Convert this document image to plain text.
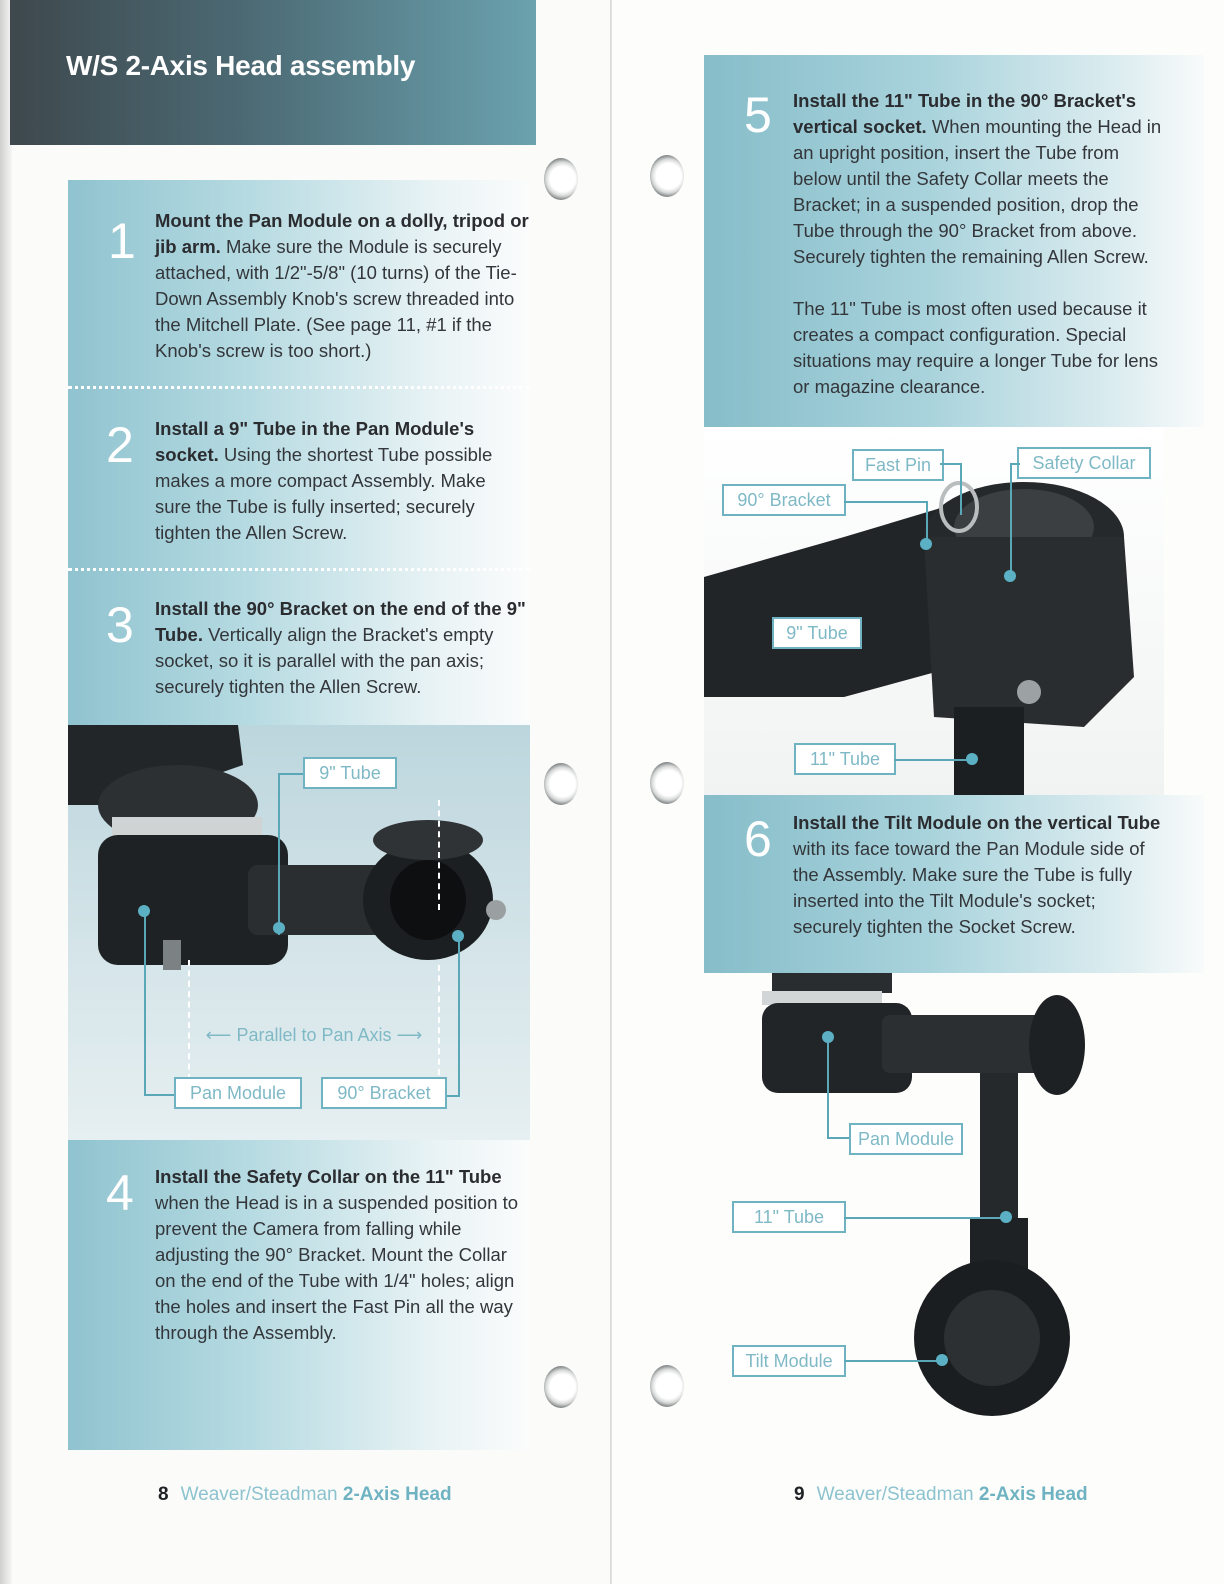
W/S 2-Axis Head assembly
1 Mount the Pan Module on a dolly, tripod or jib arm. Make sure the Module is securely attached, with 1/2"-5/8" (10 turns) of the Tie-Down Assembly Knob's screw threaded into the Mitchell Plate. (See page 11, #1 if the Knob's screw is too short.)
2 Install a 9" Tube in the Pan Module's socket. Using the shortest Tube possible makes a more compact Assembly. Make sure the Tube is fully inserted; securely tighten the Allen Screw.
3 Install the 90° Bracket on the end of the 9" Tube. Vertically align the Bracket's empty socket, so it is parallel with the pan axis; securely tighten the Allen Screw.
9" Tube
⟵ Parallel to Pan Axis ⟶
Pan Module	90° Bracket
4 Install the Safety Collar on the 11" Tube when the Head is in a suspended position to prevent the Camera from falling while adjusting the 90° Bracket. Mount the Collar on the end of the Tube with 1/4" holes; align the holes and insert the Fast Pin all the way through the Assembly.
8 Weaver/Steadman 2-Axis Head
5 Install the 11" Tube in the 90° Bracket's vertical socket. When mounting the Head in an upright position, insert the Tube from below until the Safety Collar meets the Bracket; in a suspended position, drop the Tube through the 90° Bracket from above. Securely tighten the remaining Allen Screw.
The 11" Tube is most often used because it creates a compact configuration. Special situations may require a longer Tube for lens or magazine clearance.
Fast Pin	Safety Collar
90° Bracket
9" Tube
11" Tube
6 Install the Tilt Module on the vertical Tube with its face toward the Pan Module side of the Assembly. Make sure the Tube is fully inserted into the Tilt Module's socket; securely tighten the Socket Screw.
Pan Module
11" Tube
Tilt Module
9 Weaver/Steadman 2-Axis Head
